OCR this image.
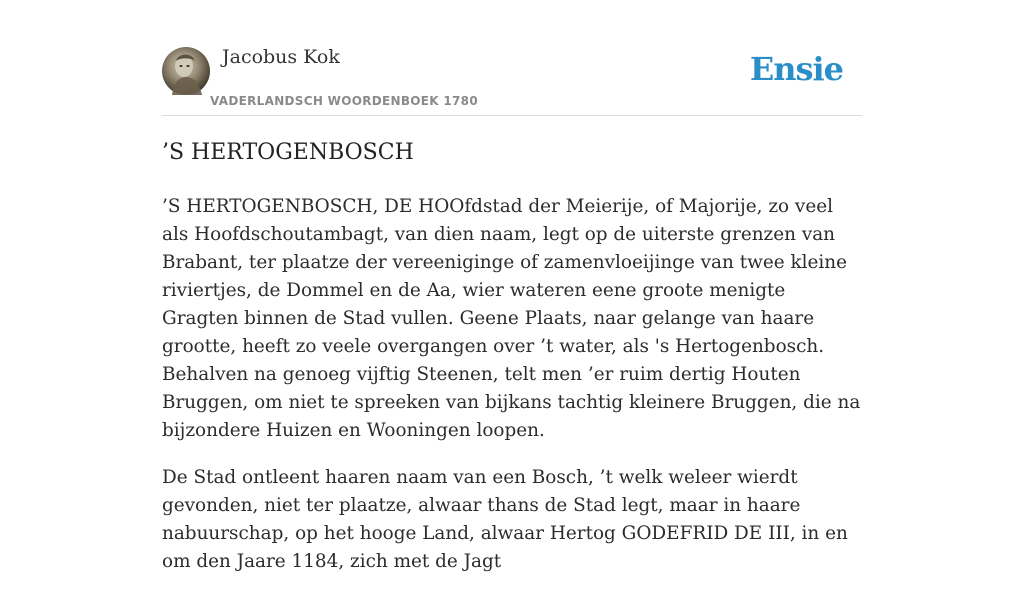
Jacobus Kok
VADERLANDSCH WOORDENBOEK 1780
Ensie
’S HERTOGENBOSCH

’S HERTOGENBOSCH, DE HOOfdstad der Meierije, of Majorije, zo veel als Hoofdschoutambagt, van dien naam, legt op de uiterste grenzen van Brabant, ter plaatze der vereeniginge of zamenvloeijinge van twee kleine riviertjes, de Dommel en de Aa, wier wateren eene groote menigte Gragten binnen de Stad vullen. Geene Plaats, naar gelange van haare grootte, heeft zo veele overgangen over ’t water, als 's Hertogenbosch. Behalven na genoeg vijftig Steenen, telt men ’er ruim dertig Houten Bruggen, om niet te spreeken van bijkans tachtig kleinere Bruggen, die na bijzondere Huizen en Wooningen loopen.

De Stad ontleent haaren naam van een Bosch, ’t welk weleer wierdt gevonden, niet ter plaatze, alwaar thans de Stad legt, maar in haare nabuurschap, op het hooge Land, alwaar Hertog GODEFRID DE III, in en om den Jaare 1184, zich met de Jagt
